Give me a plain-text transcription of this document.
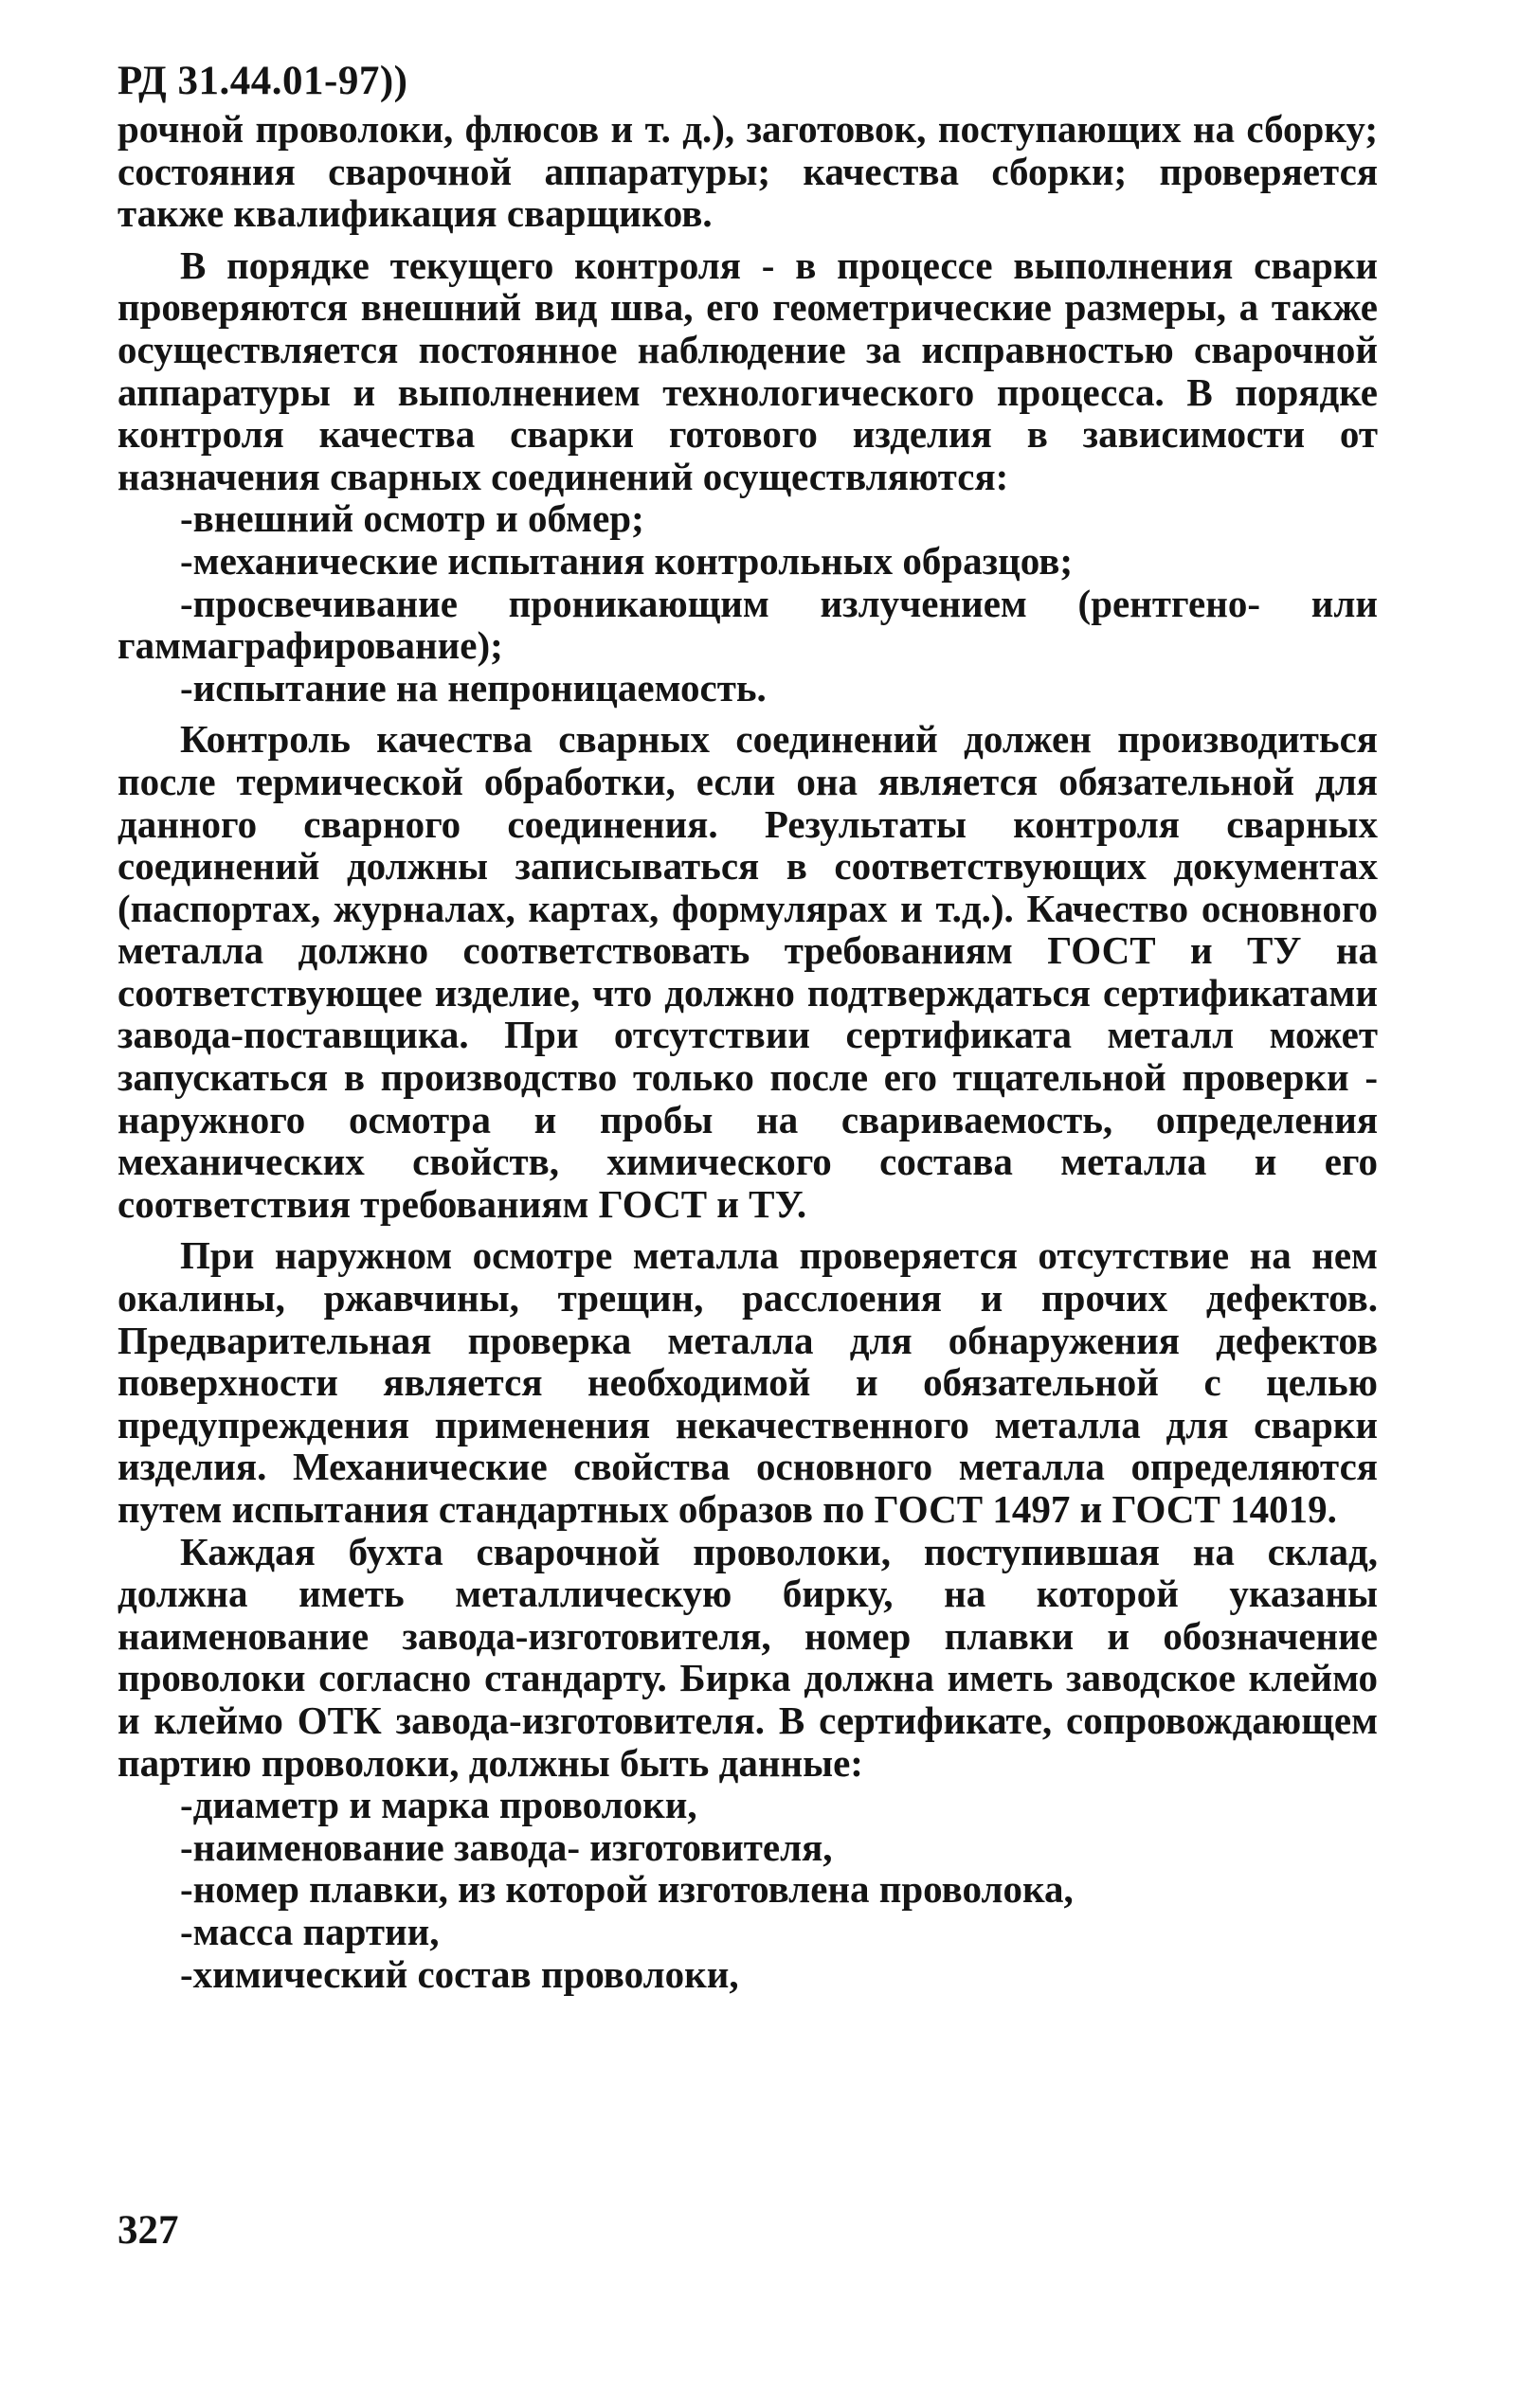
РД 31.44.01-97))

рочной проволоки, флюсов и т. д.), заготовок, поступающих на сборку; состояния сварочной аппаратуры; качества сборки; проверяется также квалификация сварщиков.

В порядке текущего контроля - в процессе выполнения сварки проверяются внешний вид шва, его геометрические размеры, а также осуществляется постоянное наблюдение за исправностью сварочной аппаратуры и выполнением технологического процесса. В порядке контроля качества сварки готового изделия в зависимости от назначения сварных соединений осуществляются:

-внешний осмотр и обмер;

-механические испытания контрольных образцов;

-просвечивание проникающим излучением (рентгено- или гаммаграфирование);

-испытание на непроницаемость.

Контроль качества сварных соединений должен производиться после термической обработки, если она является обязательной для данного сварного соединения. Результаты контроля сварных соединений должны записываться в соответствующих документах (паспортах, журналах, картах, формулярах и т.д.). Качество основного металла должно соответствовать требованиям ГОСТ и ТУ на соответствующее изделие, что должно подтверждаться сертификатами завода-поставщика. При отсутствии сертификата металл может запускаться в производство только после его тщательной проверки - наружного осмотра и пробы на свариваемость, определения механических свойств, химического состава металла и его соответствия требованиям ГОСТ и ТУ.

При наружном осмотре металла проверяется отсутствие на нем окалины, ржавчины, трещин, расслоения и прочих дефектов. Предварительная проверка металла для обнаружения дефектов поверхности является необходимой и обязательной с целью предупреждения применения некачественного металла для сварки изделия. Механические свойства основного металла определяются путем испытания стандартных образов по ГОСТ 1497 и ГОСТ 14019.

Каждая бухта сварочной проволоки, поступившая на склад, должна иметь металлическую бирку, на которой указаны наименование завода-изготовителя, номер плавки и обозначение проволоки согласно стандарту. Бирка должна иметь заводское клеймо и клеймо ОТК завода-изготовителя. В сертификате, сопровождающем партию проволоки, должны быть данные:

-диаметр и марка проволоки,

-наименование завода- изготовителя,

-номер плавки, из которой изготовлена проволока,

-масса партии,

-химический состав проволоки,

327
